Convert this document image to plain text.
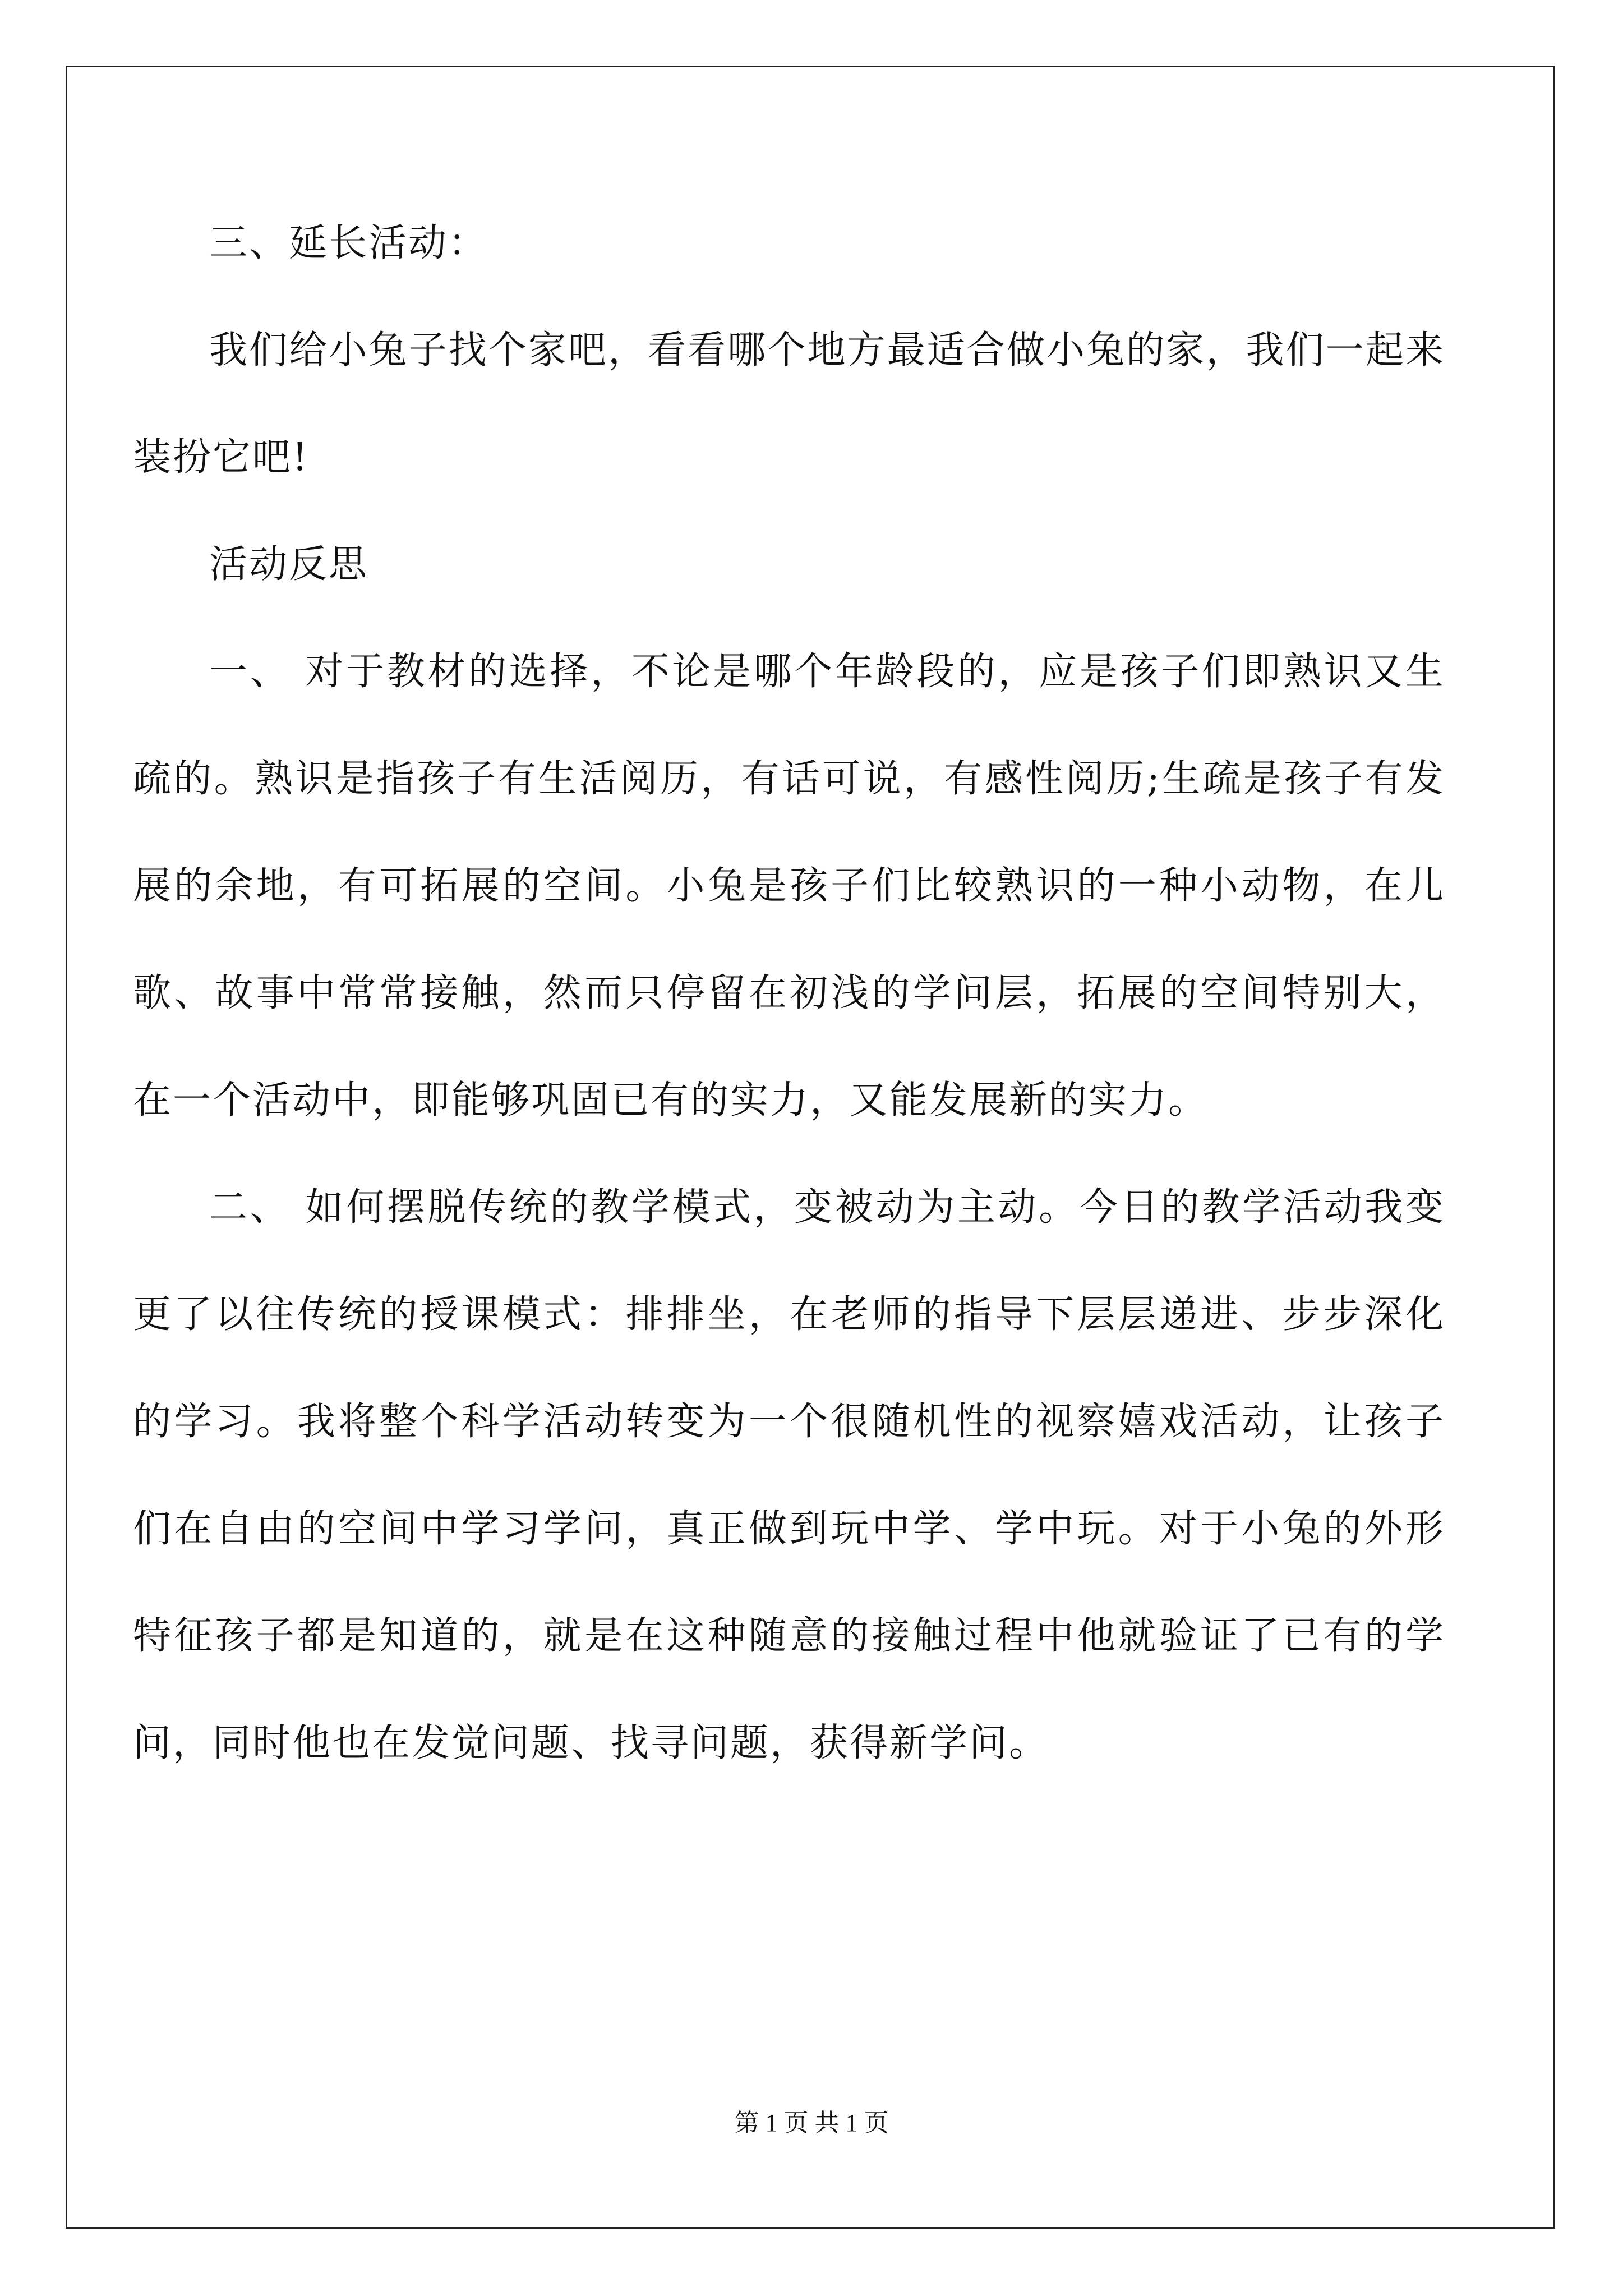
三、延长活动：

我们给小兔子找个家吧，看看哪个地方最适合做小兔的家，我们一起来装扮它吧!

活动反思

一、 对于教材的选择，不论是哪个年龄段的，应是孩子们即熟识又生疏的。熟识是指孩子有生活阅历，有话可说，有感性阅历;生疏是孩子有发展的余地，有可拓展的空间。小兔是孩子们比较熟识的一种小动物，在儿歌、故事中常常接触，然而只停留在初浅的学问层，拓展的空间特别大，在一个活动中，即能够巩固已有的实力，又能发展新的实力。

二、 如何摆脱传统的教学模式，变被动为主动。今日的教学活动我变更了以往传统的授课模式：排排坐，在老师的指导下层层递进、步步深化的学习。我将整个科学活动转变为一个很随机性的视察嬉戏活动，让孩子们在自由的空间中学习学问，真正做到玩中学、学中玩。对于小兔的外形特征孩子都是知道的，就是在这种随意的接触过程中他就验证了已有的学问，同时他也在发觉问题、找寻问题，获得新学问。

第 1 页 共 1 页
